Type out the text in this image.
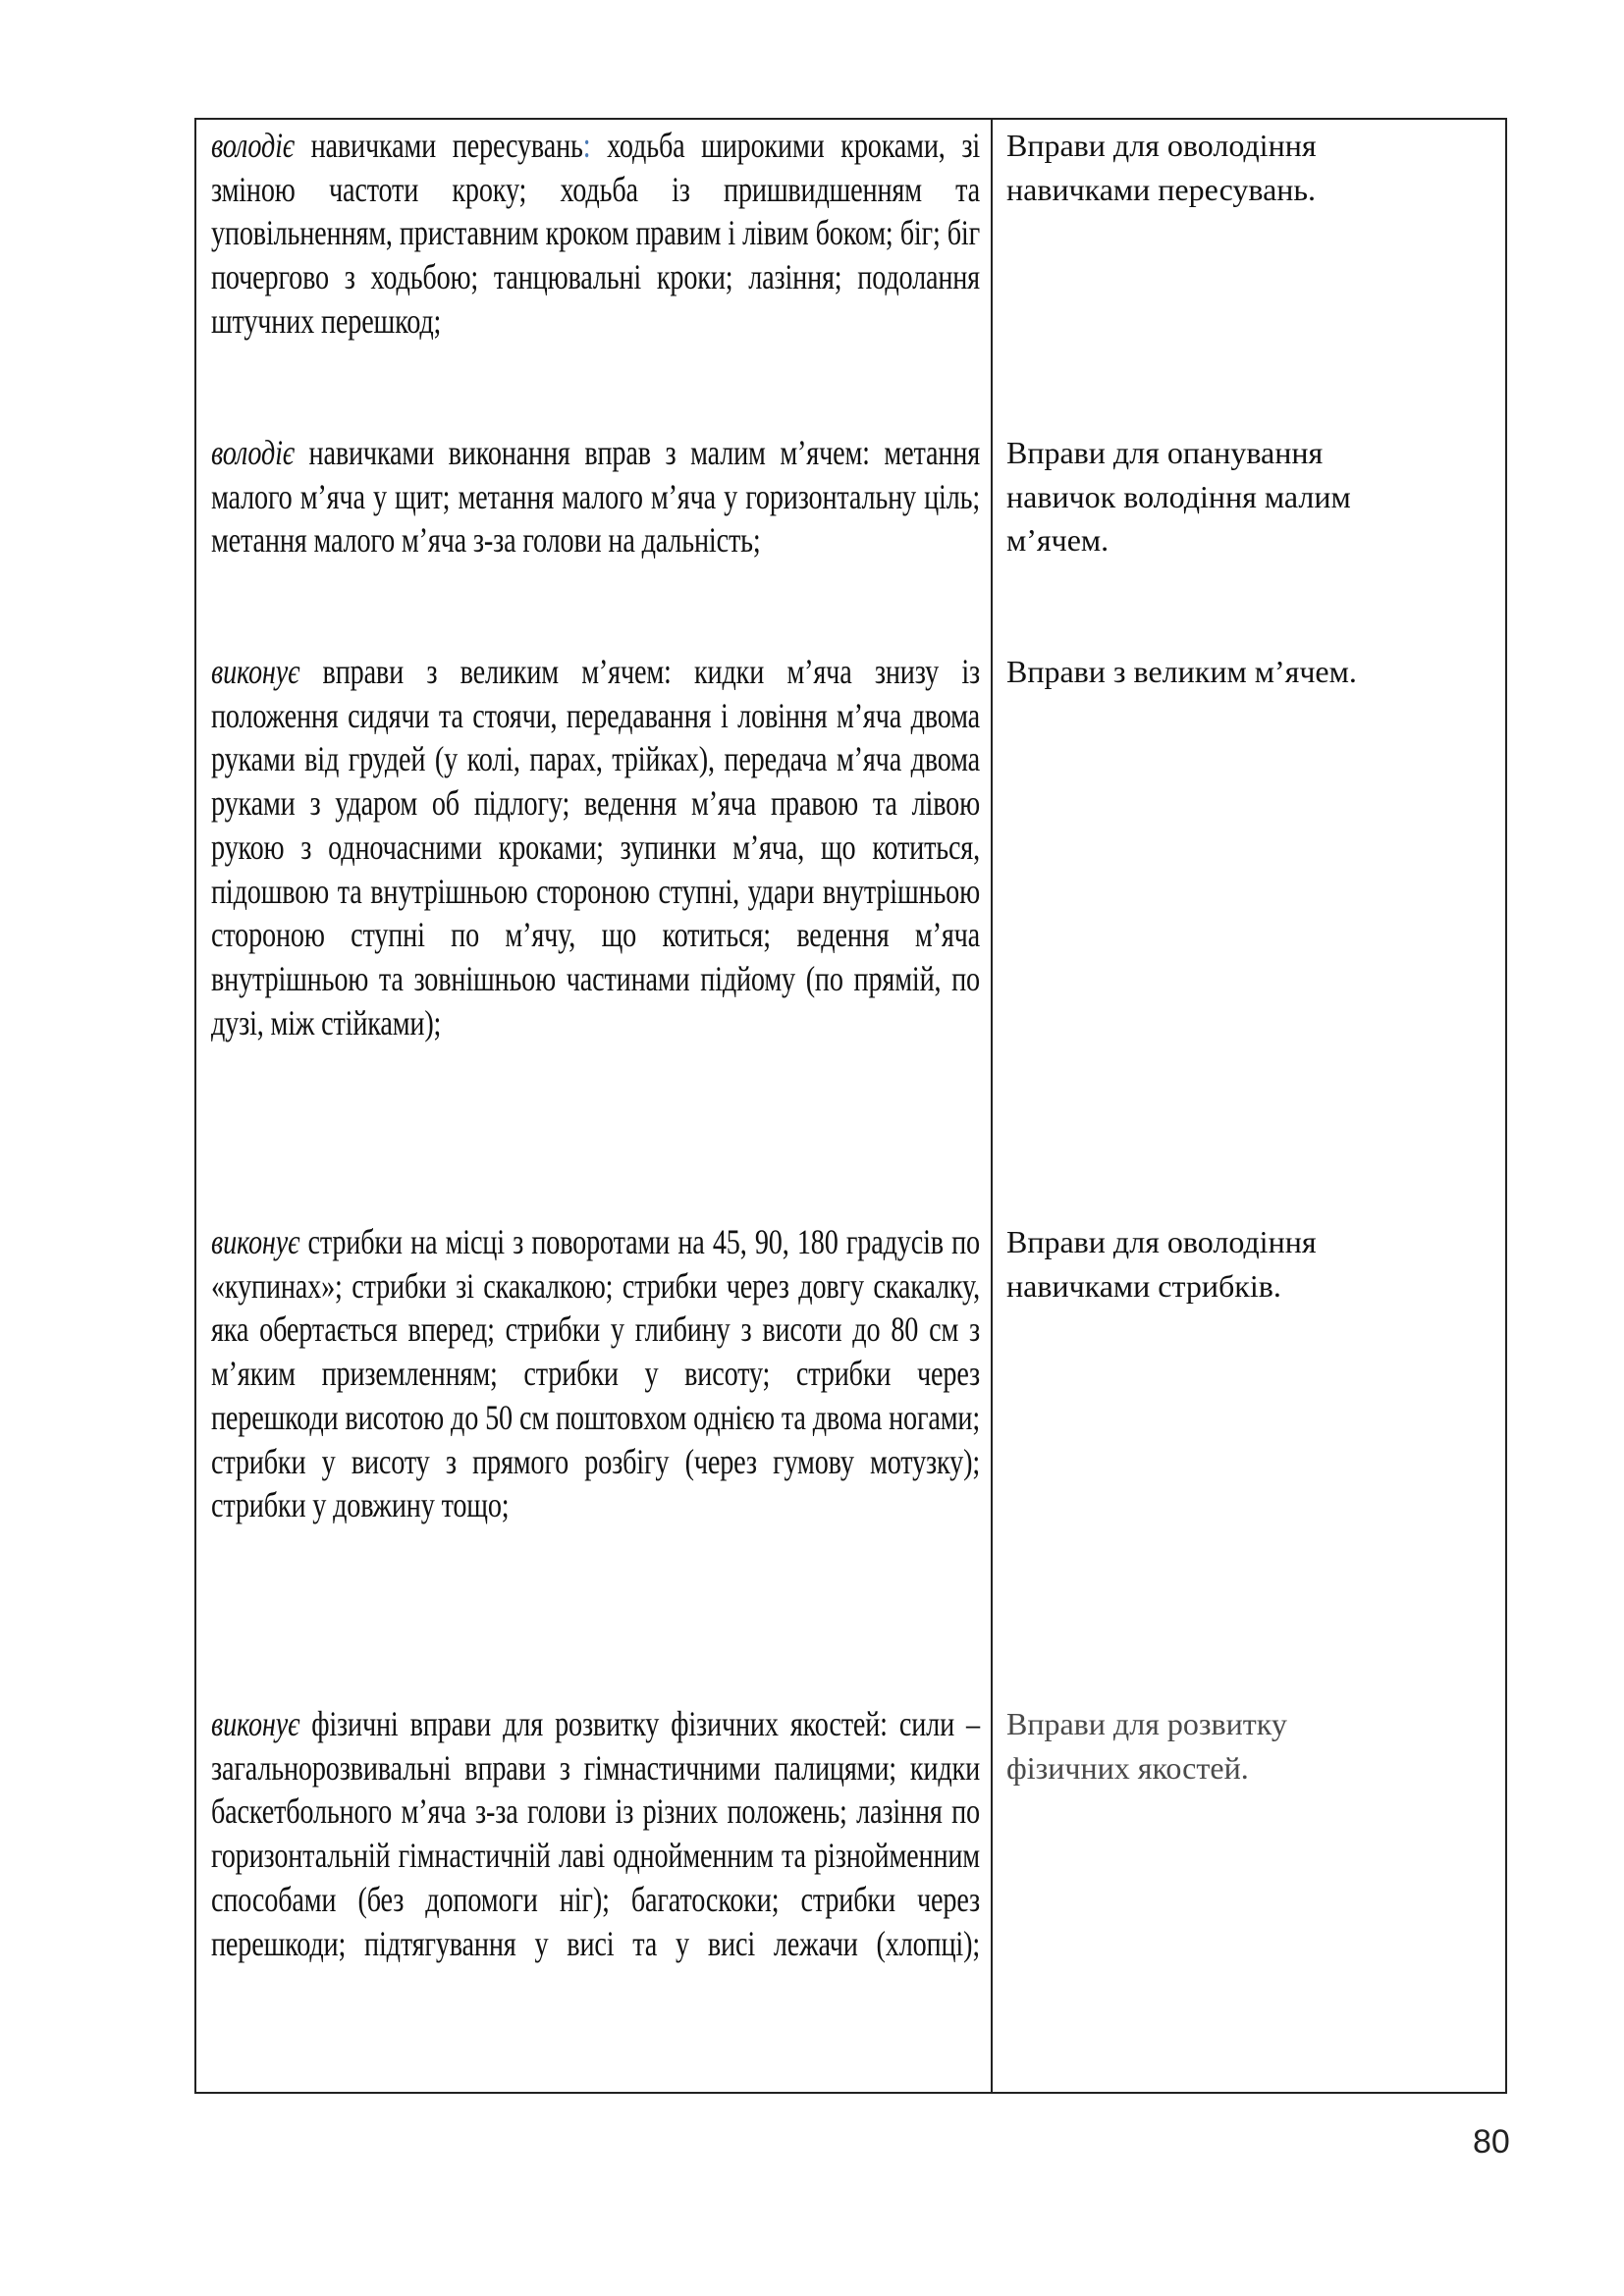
володіє навичками пересувань: ходьба широкими кроками, зі зміною частоти кроку; ходьба із пришвидшенням та уповільненням, приставним кроком правим і лівим боком; біг; біг почергово з ходьбою; танцювальні кроки; лазіння; подолання штучних перешкод;
володіє навичками виконання вправ з малим м’ячем: метання малого м’яча у щит; метання малого м’яча у горизонтальну ціль; метання малого м’яча з-за голови на дальність;
виконує вправи з великим м’ячем: кидки м’яча знизу із положення сидячи та стоячи, передавання і ловіння м’яча двома руками від грудей (у колі, парах, трійках), передача м’яча двома руками з ударом об підлогу; ведення м’яча правою та лівою рукою з одночасними кроками; зупинки м’яча, що котиться, підошвою та внутрішньою стороною ступні, удари внутрішньою стороною ступні по м’ячу, що котиться; ведення м’яча внутрішньою та зовнішньою частинами підйому (по прямій, по дузі, між стійками);
виконує стрибки на місці з поворотами на 45, 90, 180 градусів по «купинах»; стрибки зі скакалкою; стрибки через довгу скакалку, яка обертається вперед; стрибки у глибину з висоти до 80 см з м’яким приземленням; стрибки у висоту; стрибки через перешкоди висотою до 50 см поштовхом однією та двома ногами; стрибки у висоту з прямого розбігу (через гумову мотузку); стрибки у довжину тощо;
виконує фізичні вправи для розвитку фізичних якостей: сили – загальнорозвивальні вправи з гімнастичними палицями; кидки баскетбольного м’яча з-за голови із різних положень; лазіння по горизонтальній гімнастичній лаві однойменним та різнойменним способами (без допомоги ніг); багатоскоки; стрибки через перешкоди; підтягування у висі та у висі лежачи (хлопці);
Вправи для оволодіння
навичками пересувань.
Вправи для опанування
навичок володіння малим
м’ячем.
Вправи з великим м’ячем.
Вправи для оволодіння
навичками стрибків.
Вправи для розвитку
фізичних якостей.
80
